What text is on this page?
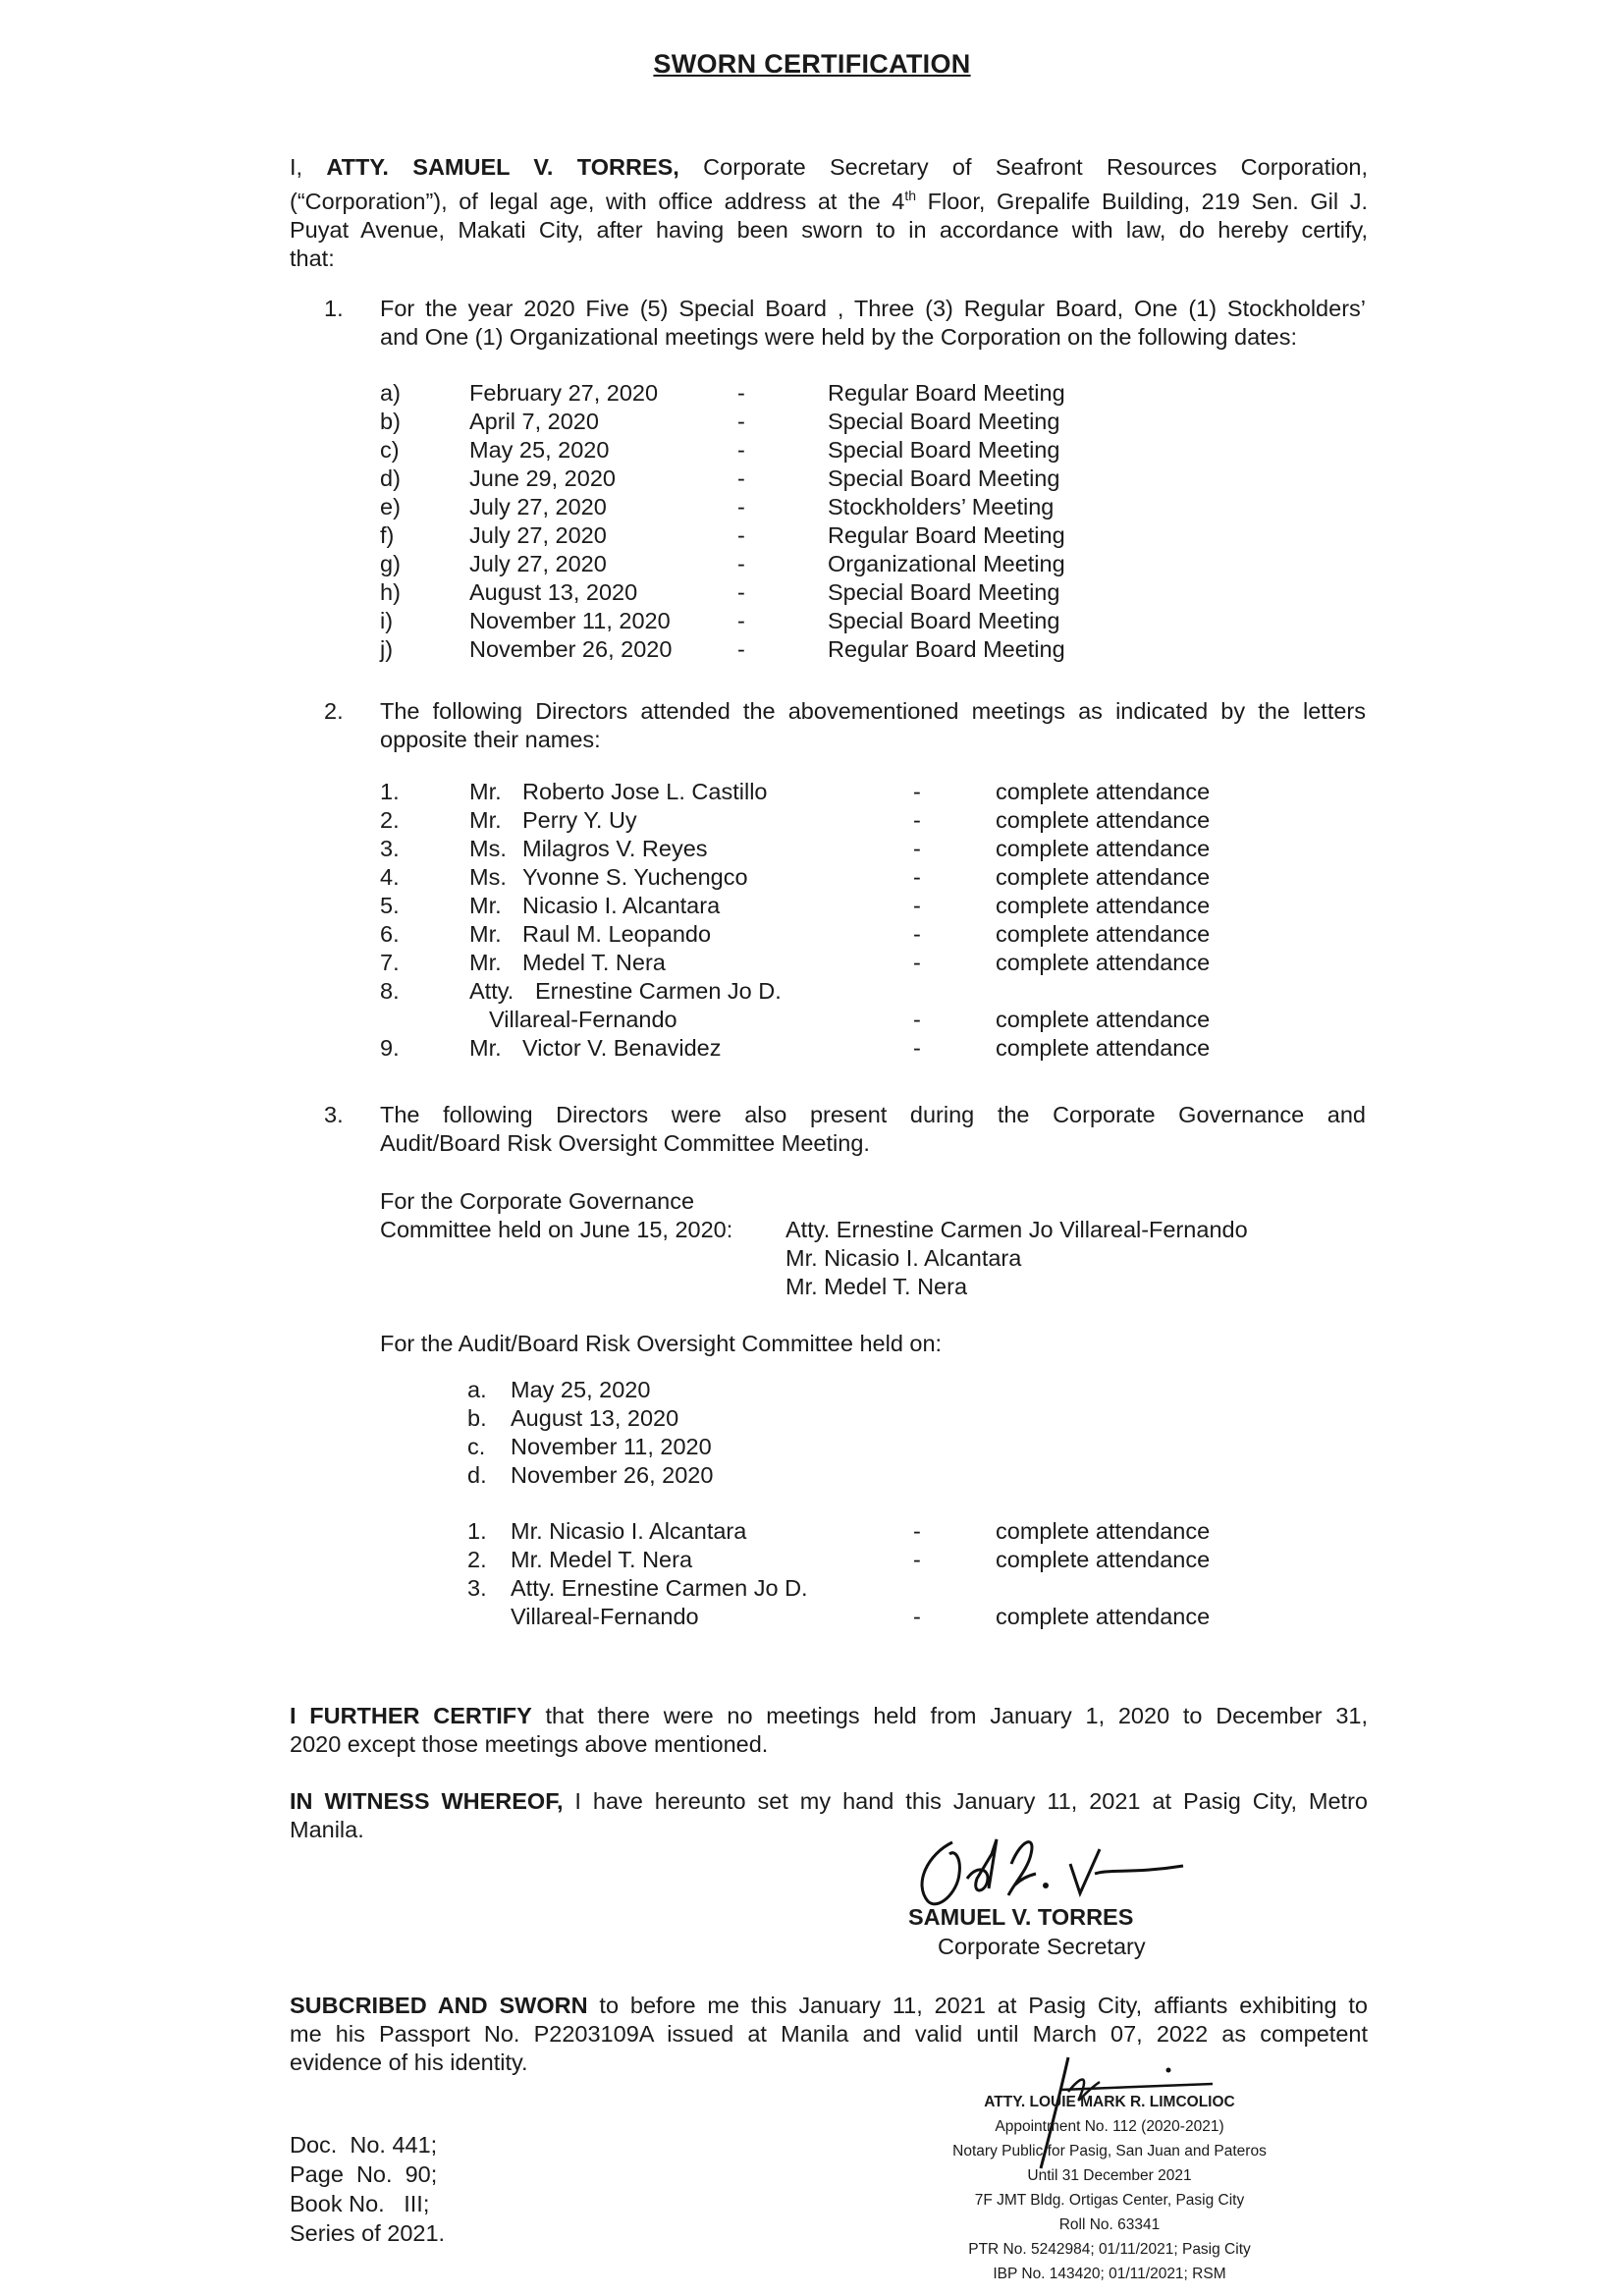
SWORN CERTIFICATION
I, ATTY. SAMUEL V. TORRES, Corporate Secretary of Seafront Resources Corporation,
(“Corporation”), of legal age, with office address at the 4th Floor, Grepalife Building, 219 Sen. Gil J.
Puyat Avenue, Makati City, after having been sworn to in accordance with law, do hereby certify,
that:
1. For the year 2020 Five (5) Special Board , Three (3) Regular Board, One (1) Stockholders’
and One (1) Organizational meetings were held by the Corporation on the following dates:
a)	February 27, 2020	-	Regular Board Meeting
b)	April 7, 2020	-	Special Board Meeting
c)	May 25, 2020	-	Special Board Meeting
d)	June 29, 2020	-	Special Board Meeting
e)	July 27, 2020	-	Stockholders’ Meeting
f)	July 27, 2020	-	Regular Board Meeting
g)	July 27, 2020	-	Organizational Meeting
h)	August 13, 2020	-	Special Board Meeting
i)	November 11, 2020	-	Special Board Meeting
j)	November 26, 2020	-	Regular Board Meeting
2. The following Directors attended the abovementioned meetings as indicated by the letters
opposite their names:
1.	Mr. Roberto Jose L. Castillo	-	complete attendance
2.	Mr. Perry Y. Uy	-	complete attendance
3.	Ms. Milagros V. Reyes	-	complete attendance
4.	Ms. Yvonne S. Yuchengco	-	complete attendance
5.	Mr. Nicasio I. Alcantara	-	complete attendance
6.	Mr. Raul M. Leopando	-	complete attendance
7.	Mr. Medel T. Nera	-	complete attendance
8.	Atty. Ernestine Carmen Jo D.
Villareal-Fernando	-	complete attendance
9.	Mr. Victor V. Benavidez	-	complete attendance
3. The following Directors were also present during the Corporate Governance and
Audit/Board Risk Oversight Committee Meeting.
For the Corporate Governance
Committee held on June 15, 2020: Atty. Ernestine Carmen Jo Villareal-Fernando
Mr. Nicasio I. Alcantara
Mr. Medel T. Nera
For the Audit/Board Risk Oversight Committee held on:
a. May 25, 2020
b. August 13, 2020
c. November 11, 2020
d. November 26, 2020
1. Mr. Nicasio I. Alcantara	-	complete attendance
2. Mr. Medel T. Nera	-	complete attendance
3. Atty. Ernestine Carmen Jo D.
Villareal-Fernando	-	complete attendance
I FURTHER CERTIFY that there were no meetings held from January 1, 2020 to December 31,
2020 except those meetings above mentioned.
IN WITNESS WHEREOF, I have hereunto set my hand this January 11, 2021 at Pasig City, Metro
Manila.
SAMUEL V. TORRES
Corporate Secretary
SUBCRIBED AND SWORN to before me this January 11, 2021 at Pasig City, affiants exhibiting to
me his Passport No. P2203109A issued at Manila and valid until March 07, 2022 as competent
evidence of his identity.
ATTY. LOUIE MARK R. LIMCOLIOC
Appointment No. 112 (2020-2021)
Notary Public for Pasig, San Juan and Pateros
Until 31 December 2021
7F JMT Bldg. Ortigas Center, Pasig City
Roll No. 63341
PTR No. 5242984; 01/11/2021; Pasig City
IBP No. 143420; 01/11/2021; RSM
Doc.  No. 441;
Page  No.  90;
Book No.   III;
Series of 2021.
